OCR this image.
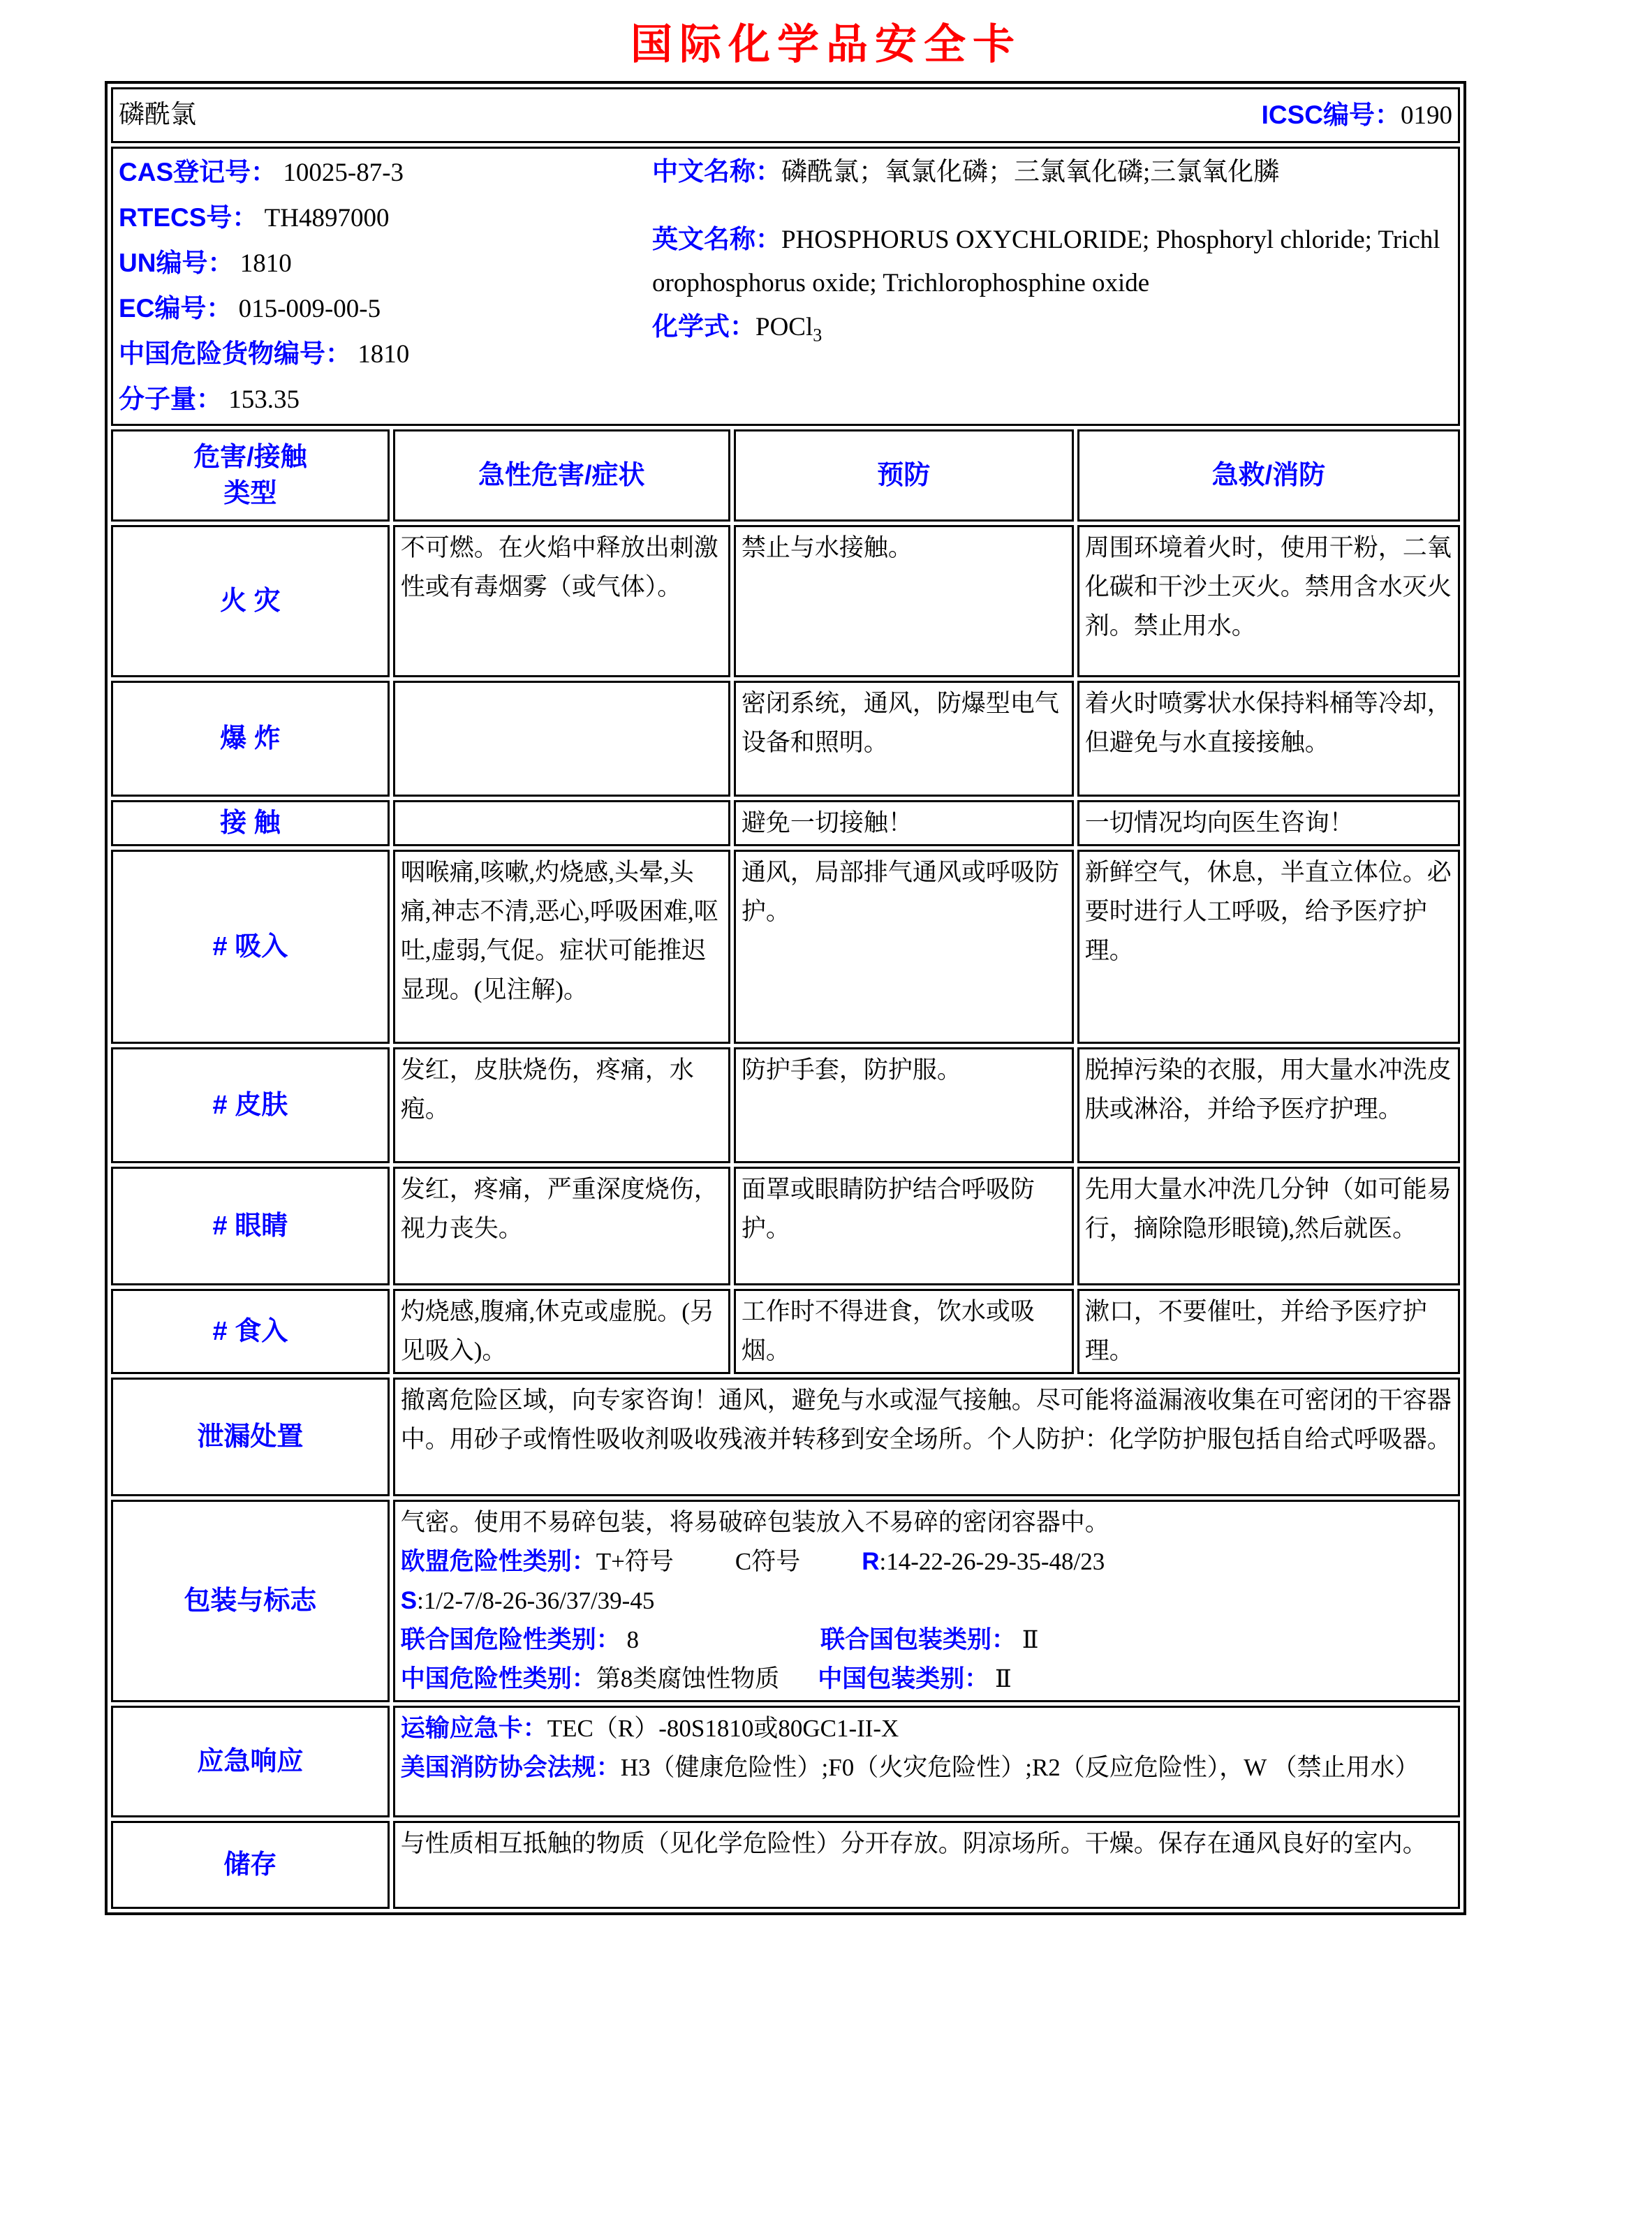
国际化学品安全卡
磷酰氯 ICSC编号：0190			

CAS登记号： 10025-87-3
RTECS号： TH4897000
UN编号： 1810
EC编号： 015-009-00-5
中国危险货物编号： 1810
分子量： 153.35

中文名称：磷酰氯；氧氯化磷；三氯氧化磷;三氯氧化膦

英文名称：PHOSPHORUS OXYCHLORIDE; Phosphoryl chloride; Trichlorophosphorus oxide; Trichlorophosphine oxide

化学式：POCl$_3$

危害/接触
类型	急性危害/症状	预防	急救/消防
火 灾	不可燃。在火焰中释放出刺激性或有毒烟雾（或气体）。	禁止与水接触。	周围环境着火时，使用干粉，二氧化碳和干沙土灭火。禁用含水灭火剂。禁止用水。
爆 炸		密闭系统，通风，防爆型电气设备和照明。	着火时喷雾状水保持料桶等冷却，但避免与水直接接触。
接 触		避免一切接触！	一切情况均向医生咨询！
# 吸入	咽喉痛,咳嗽,灼烧感,头晕,头痛,神志不清,恶心,呼吸困难,呕吐,虚弱,气促。症状可能推迟显现。(见注解)。	通风，局部排气通风或呼吸防护。	新鲜空气，休息，半直立体位。必要时进行人工呼吸，给予医疗护理。
# 皮肤	发红，皮肤烧伤，疼痛，水疱。	防护手套，防护服。	脱掉污染的衣服，用大量水冲洗皮肤或淋浴，并给予医疗护理。
# 眼睛	发红，疼痛，严重深度烧伤，视力丧失。	面罩或眼睛防护结合呼吸防护。	先用大量水冲洗几分钟（如可能易行，摘除隐形眼镜),然后就医。
# 食入	灼烧感,腹痛,休克或虚脱。(另见吸入)。	工作时不得进食，饮水或吸烟。	漱口，不要催吐，并给予医疗护理。
泄漏处置	撤离危险区域，向专家咨询！通风，避免与水或湿气接触。尽可能将溢漏液收集在可密闭的干容器中。用砂子或惰性吸收剂吸收残液并转移到安全场所。个人防护：化学防护服包括自给式呼吸器。		
包装与标志	气密。使用不易碎包装，将易破碎包装放入不易碎的密闭容器中。
欧盟危险性类别：T+符号 C符号 R:14-22-26-29-35-48/23
S:1/2-7/8-26-36/37/39-45
联合国危险性类别： 8 联合国包装类别： Ⅱ
中国危险性类别：第8类腐蚀性物质 中国包装类别： Ⅱ		

应急响应	运输应急卡：TEC（R）-80S1810或80GC1-II-X
美国消防协会法规：H3（健康危险性）;F0（火灾危险性）;R2（反应危险性），W （禁止用水）		

储存	与性质相互抵触的物质（见化学危险性）分开存放。阴凉场所。干燥。保存在通风良好的室内。		
